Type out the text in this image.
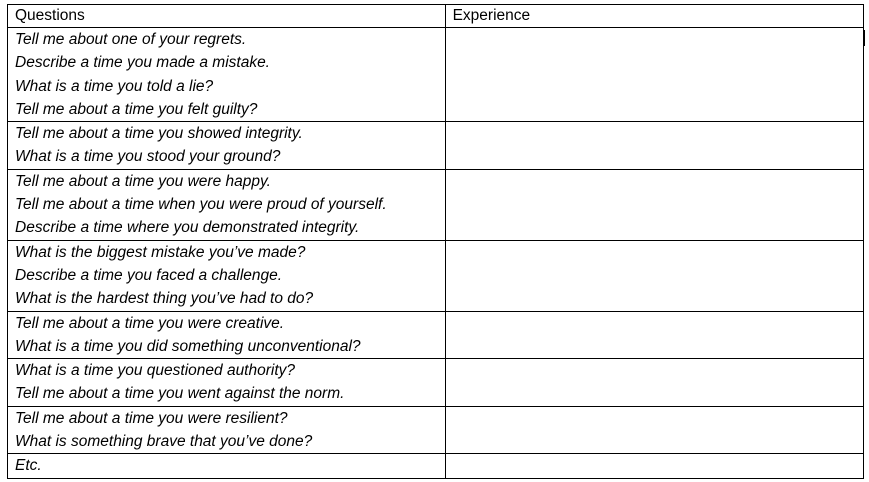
Questions	Experience

Tell me about one of your regrets.
Describe a time you made a mistake.
What is a time you told a lie?
Tell me about a time you felt guilty?	

Tell me about a time you showed integrity.
What is a time you stood your ground?	

Tell me about a time you were happy.
Tell me about a time when you were proud of yourself.
Describe a time where you demonstrated integrity.	

What is the biggest mistake you’ve made?
Describe a time you faced a challenge.
What is the hardest thing you’ve had to do?	

Tell me about a time you were creative.
What is a time you did something unconventional?	

What is a time you questioned authority?
Tell me about a time you went against the norm.	

Tell me about a time you were resilient?
What is something brave that you’ve done?	

Etc.	
